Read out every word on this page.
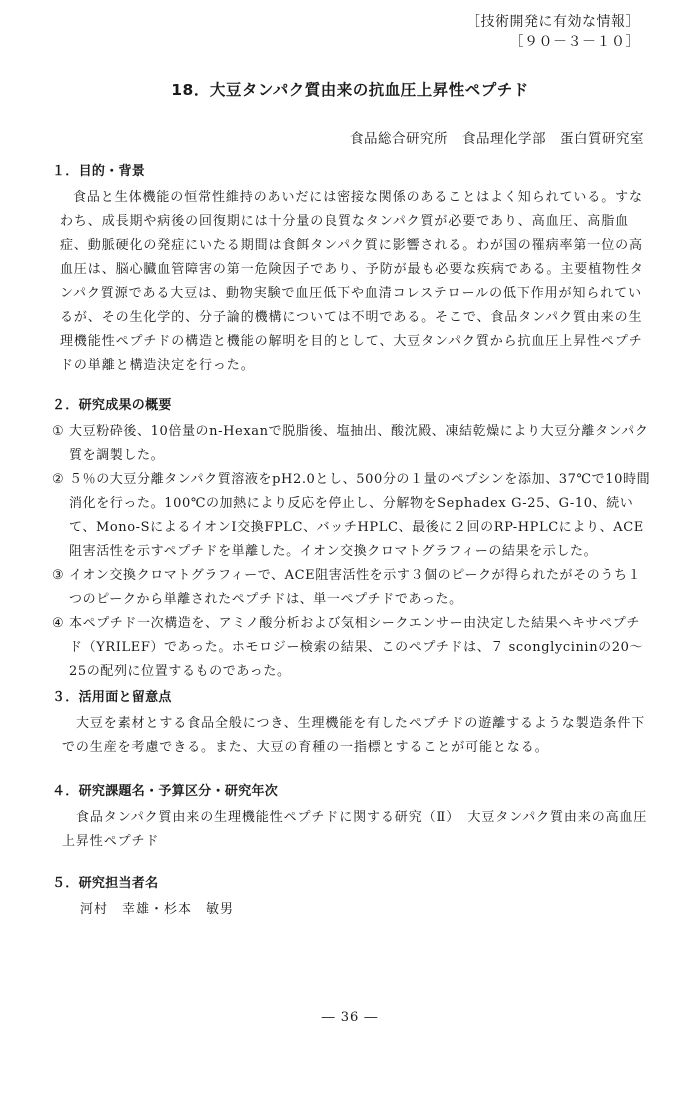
［技術開発に有効な情報］
［９０－３－１０］
18．大豆タンパク質由来の抗血圧上昇性ペプチド
食品総合研究所　食品理化学部　蛋白質研究室
１．目的・背景

食品と生体機能の恒常性維持のあいだには密接な関係のあることはよく知られている。すなわち、成長期や病後の回復期には十分量の良質なタンパク質が必要であり、高血圧、高脂血症、動脈硬化の発症にいたる期間は食餌タンパク質に影響される。わが国の罹病率第一位の高血圧は、脳心臓血管障害の第一危険因子であり、予防が最も必要な疾病である。主要植物性タンパク質源である大豆は、動物実験で血圧低下や血清コレステロールの低下作用が知られているが、その生化学的、分子論的機構については不明である。そこで、食品タンパク質由来の生理機能性ペプチドの構造と機能の解明を目的として、大豆タンパク質から抗血圧上昇性ペプチドの単離と構造決定を行った。

２．研究成果の概要
① 大豆粉砕後、10倍量のn-Hexanで脱脂後、塩抽出、酸沈殿、凍結乾燥により大豆分離タンパク質を調製した。
② ５％の大豆分離タンパク質溶液をpH2.0とし、500分の１量のペプシンを添加、37℃で10時間消化を行った。100℃の加熱により反応を停止し、分解物をSephadex G-25、G-10、続いて、Mono-SによるイオンI交換FPLC、バッチHPLC、最後に２回のRP-HPLCにより、ACE阻害活性を示すペプチドを単離した。イオン交換クロマトグラフィーの結果を示した。
③ イオン交換クロマトグラフィーで、ACE阻害活性を示す３個のピークが得られたがそのうち１つのピークから単離されたペプチドは、単一ペプチドであった。
④ 本ペプチド一次構造を、アミノ酸分析および気相シークエンサー由決定した結果ヘキサペプチド（YRILEF）であった。ホモロジー検索の結果、このペプチドは、７ sconglycininの20～25の配列に位置するものであった。
３．活用面と留意点

大豆を素材とする食品全般につき、生理機能を有したペプチドの遊離するような製造条件下での生産を考慮できる。また、大豆の育種の一指標とすることが可能となる。

４．研究課題名・予算区分・研究年次

食品タンパク質由来の生理機能性ペプチドに関する研究（Ⅱ）　大豆タンパク質由来の高血圧上昇性ペプチド

５．研究担当者名
河村　幸雄・杉本　敏男
― 36 ―
